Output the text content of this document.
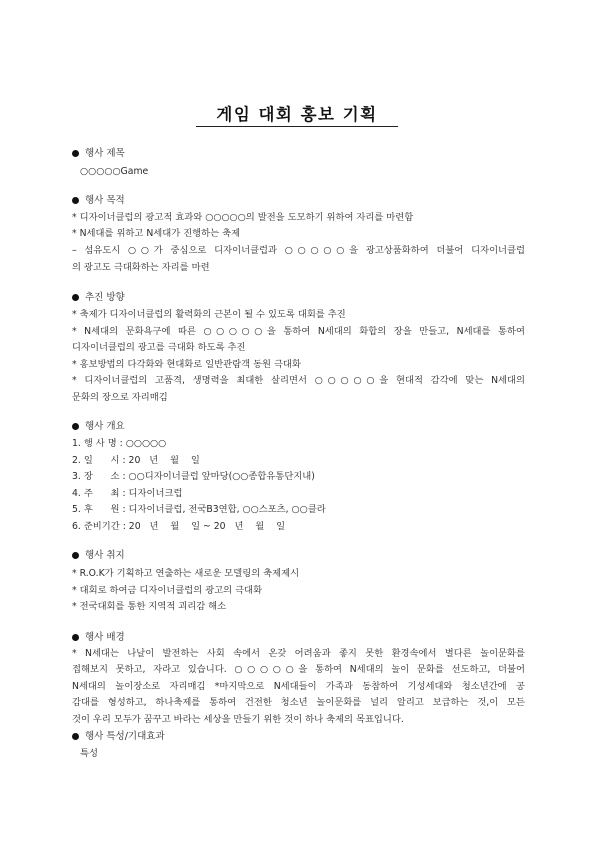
게임 대회 홍보 기획
행사 제목
○○○○○Game
행사 목적
* 디자이너클럽의 광고적 효과와 ○○○○○의 발전을 도모하기 위하여 자리를 마련함
* N세대를 위하고 N세대가 진행하는 축제
– 섬유도시 ○○가 중심으로 디자이너클럽과 ○○○○○을 광고상품화하여 더불어 디자이너클럽
의 광고도 극대화하는 자리를 마련
추진 방향
* 축제가 디자이너클럽의 활력화의 근본이 될 수 있도록 대회를 추진
* N세대의 문화욕구에 따른 ○○○○○을 통하여 N세대의 화합의 장을 만들고, N세대를 통하여
디자이너클럽의 광고를 극대화 하도록 추진
* 홍보방법의 다각화와 현대화로 일반관람객 동원 극대화
* 디자이너클럽의 고품격, 생명력을 최대한 살리면서 ○○○○○을 현대적 감각에 맞는 N세대의
문화의 장으로 자리매김
행사 개요
1. 행 사 명 : ○○○○○
2. 일      시 : 20   년    월    일
3. 장      소 : ○○디자이너클럽 앞마당(○○종합유통단지내)
4. 주      최 : 디자이너크럽
5. 후      원 : 디자이너클럽, 전국B3연합, ○○스포츠, ○○클라
6. 준비기간 : 20   년    월    일 ~ 20   년    월    일
행사 취지
* R.O.K가 기획하고 연출하는 새로운 모델링의 축제제시
* 대회로 하여금 디자이너클럽의 광고의 극대화
* 전국대회를 통한 지역적 괴리감 해소
행사 배경
* N세대는 나날이 발전하는 사회 속에서 온갖 어려움과 좋지 못한 환경속에서 별다른 놀이문화를
접해보지 못하고, 자라고 있습니다. ○○○○○을 통하여 N세대의 놀이 문화를 선도하고, 더불어
N세대의 놀이장소로 자리매김 *마지막으로 N세대들이 가족과 동참하여 기성세대와 청소년간에 공
감대를 형성하고, 하나축제를 통하여 건전한 청소년 놀이문화를 널리 알리고 보급하는 것,이 모든
것이 우리 모두가 꿈꾸고 바라는 세상을 만들기 위한 것이 하나 축제의 목표입니다.
행사 특성/기대효과
특성
